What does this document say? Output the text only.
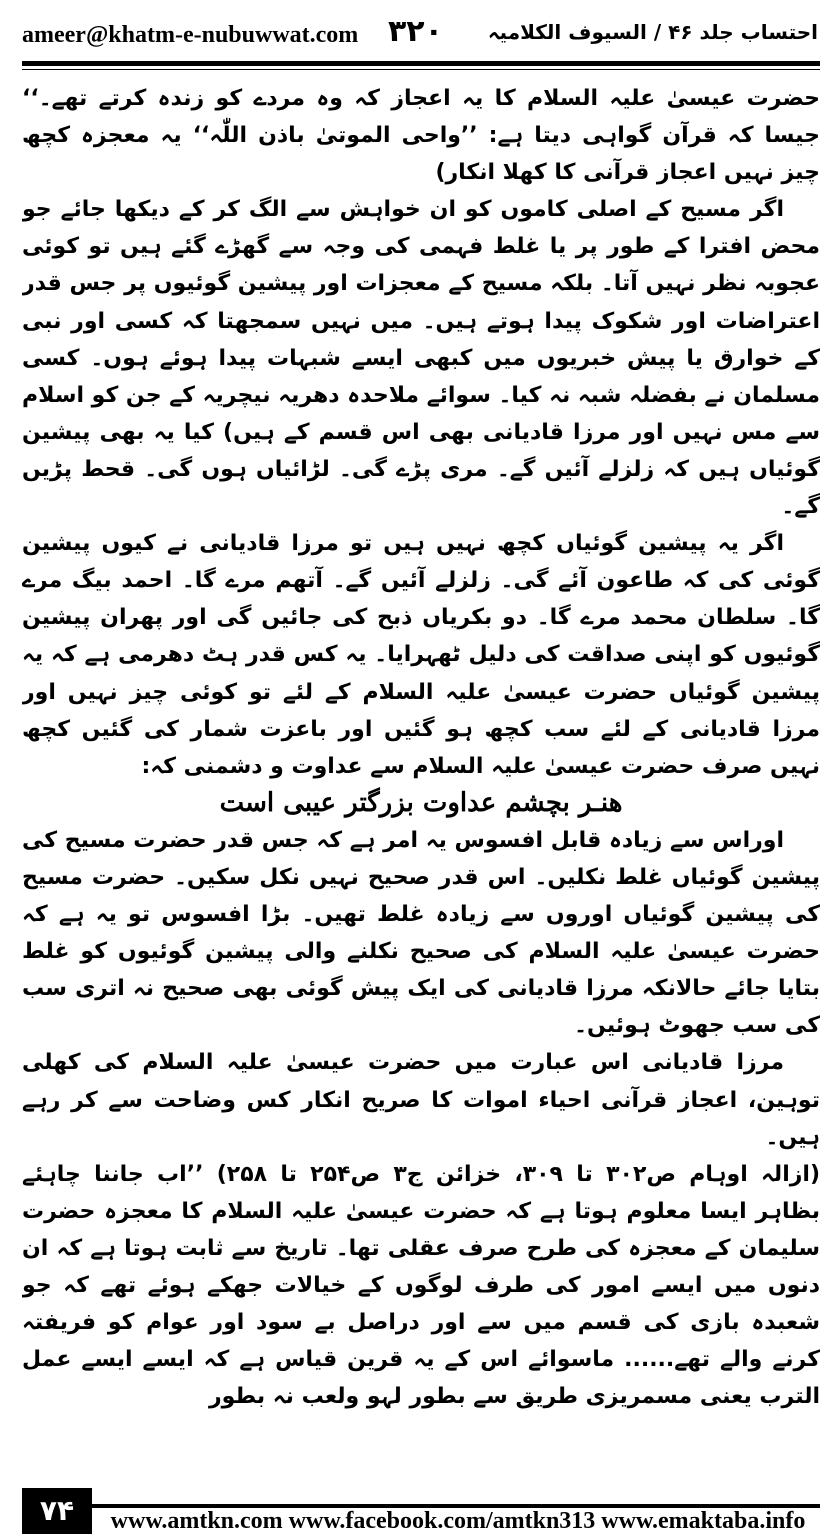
ameer@khatm-e-nubuwwat.com ۳۲۰ احتساب جلد ۴۶ / السیوف الکلامیہ

حضرت عیسیٰ علیہ السلام کا یہ اعجاز کہ وہ مردے کو زندہ کرتے تھے۔‘‘ جیسا کہ قرآن گواہی دیتا ہے: ’’واحی الموتیٰ باذن اللّٰہ‘‘ یہ معجزہ کچھ چیز نہیں اعجاز قرآنی کا کھلا انکار)

اگر مسیح کے اصلی کاموں کو ان خواہش سے الگ کر کے دیکھا جائے جو محض افترا کے طور پر یا غلط فہمی کی وجہ سے گھڑے گئے ہیں تو کوئی عجوبہ نظر نہیں آتا۔ بلکہ مسیح کے معجزات اور پیشین گوئیوں پر جس قدر اعتراضات اور شکوک پیدا ہوتے ہیں۔ میں نہیں سمجھتا کہ کسی اور نبی کے خوارق یا پیش خبریوں میں کبھی ایسے شبہات پیدا ہوئے ہوں۔ کسی مسلمان نے بفضلہ شبہ نہ کیا۔ سوائے ملاحدہ دھریہ نیچریہ کے جن کو اسلام سے مس نہیں اور مرزا قادیانی بھی اس قسم کے ہیں) کیا یہ بھی پیشین گوئیاں ہیں کہ زلزلے آئیں گے۔ مری پڑے گی۔ لڑائیاں ہوں گی۔ قحط پڑیں گے۔

اگر یہ پیشین گوئیاں کچھ نہیں ہیں تو مرزا قادیانی نے کیوں پیشین گوئی کی کہ طاعون آئے گی۔ زلزلے آئیں گے۔ آتھم مرے گا۔ احمد بیگ مرے گا۔ سلطان محمد مرے گا۔ دو بکریاں ذبح کی جائیں گی اور پھران پیشین گوئیوں کو اپنی صداقت کی دلیل ٹھہرایا۔ یہ کس قدر ہٹ دھرمی ہے کہ یہ پیشین گوئیاں حضرت عیسیٰ علیہ السلام کے لئے تو کوئی چیز نہیں اور مرزا قادیانی کے لئے سب کچھ ہو گئیں اور باعزت شمار کی گئیں کچھ نہیں صرف حضرت عیسیٰ علیہ السلام سے عداوت و دشمنی کہ:

ھنـر بچشم عداوت بزرگتر عیبی است

اوراس سے زیادہ قابل افسوس یہ امر ہے کہ جس قدر حضرت مسیح کی پیشین گوئیاں غلط نکلیں۔ اس قدر صحیح نہیں نکل سکیں۔ حضرت مسیح کی پیشین گوئیاں اوروں سے زیادہ غلط تھیں۔ بڑا افسوس تو یہ ہے کہ حضرت عیسیٰ علیہ السلام کی صحیح نکلنے والی پیشین گوئیوں کو غلط بتایا جائے حالانکہ مرزا قادیانی کی ایک پیش گوئی بھی صحیح نہ اتری سب کی سب جھوٹ ہوئیں۔

مرزا قادیانی اس عبارت میں حضرت عیسیٰ علیہ السلام کی کھلی توہین، اعجاز قرآنی احیاء اموات کا صریح انکار کس وضاحت سے کر رہے ہیں۔

(ازالہ اوہام ص۳۰۲ تا ۳۰۹، خزائن ج۳ ص۲۵۴ تا ۲۵۸) ’’اب جاننا چاہئے بظاہر ایسا معلوم ہوتا ہے کہ حضرت عیسیٰ علیہ السلام کا معجزہ حضرت سلیمان کے معجزہ کی طرح صرف عقلی تھا۔ تاریخ سے ثابت ہوتا ہے کہ ان دنوں میں ایسے امور کی طرف لوگوں کے خیالات جھکے ہوئے تھے کہ جو شعبدہ بازی کی قسم میں سے اور دراصل بے سود اور عوام کو فریفتہ کرنے والے تھے...... ماسوائے اس کے یہ قرین قیاس ہے کہ ایسے ایسے عمل الترب یعنی مسمریزی طریق سے بطور لہو ولعب نہ بطور

۷۴	www.amtkn.com www.facebook.com/amtkn313 www.emaktaba.info
